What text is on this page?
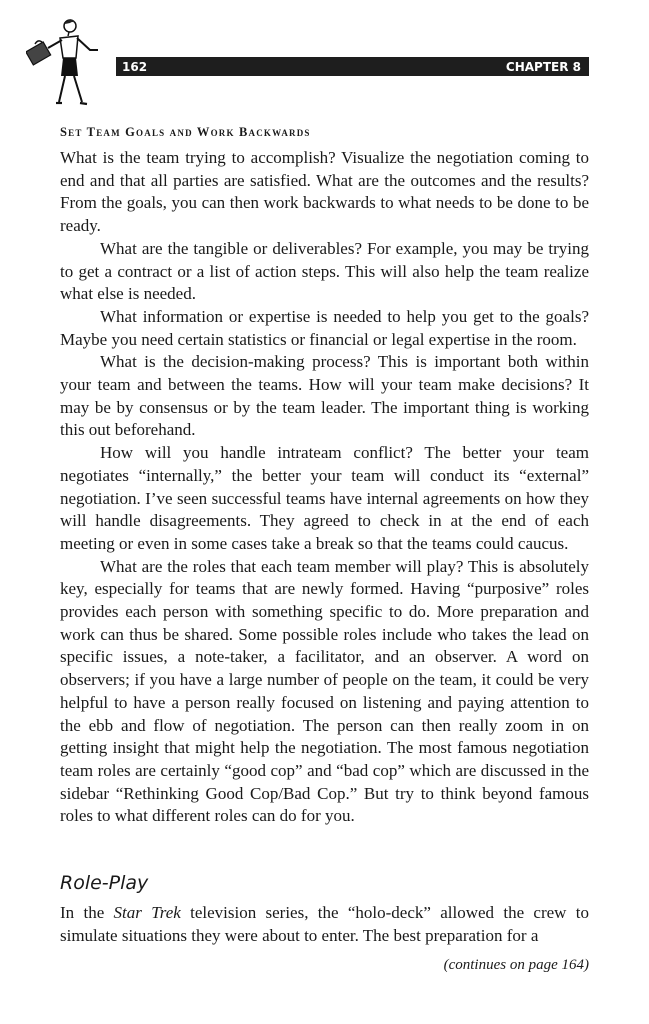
162	CHAPTER 8
Set Team Goals and Work Backwards

What is the team trying to accomplish? Visualize the negotiation coming to end and that all parties are satisfied. What are the outcomes and the results? From the goals, you can then work backwards to what needs to be done to be ready.

What are the tangible or deliverables? For example, you may be trying to get a contract or a list of action steps. This will also help the team realize what else is needed.

What information or expertise is needed to help you get to the goals? Maybe you need certain statistics or financial or legal expertise in the room.

What is the decision-making process? This is important both within your team and between the teams. How will your team make decisions? It may be by consensus or by the team leader. The important thing is working this out beforehand.

How will you handle intrateam conflict? The better your team negotiates “internally,” the better your team will conduct its “external” negotiation. I’ve seen successful teams have internal agreements on how they will handle disagreements. They agreed to check in at the end of each meeting or even in some cases take a break so that the teams could caucus.

What are the roles that each team member will play? This is absolutely key, especially for teams that are newly formed. Having “purposive” roles provides each person with something specific to do. More preparation and work can thus be shared. Some possible roles include who takes the lead on specific issues, a note-taker, a facilitator, and an observer. A word on observers; if you have a large number of people on the team, it could be very helpful to have a person really focused on listening and paying attention to the ebb and flow of negotiation. The person can then really zoom in on getting insight that might help the negotiation. The most famous negotiation team roles are certainly “good cop” and “bad cop” which are discussed in the sidebar “Rethinking Good Cop/Bad Cop.” But try to think beyond famous roles to what different roles can do for you.

Role-Play

In the Star Trek television series, the “holo-deck” allowed the crew to simulate situations they were about to enter. The best preparation for a

(continues on page 164)
